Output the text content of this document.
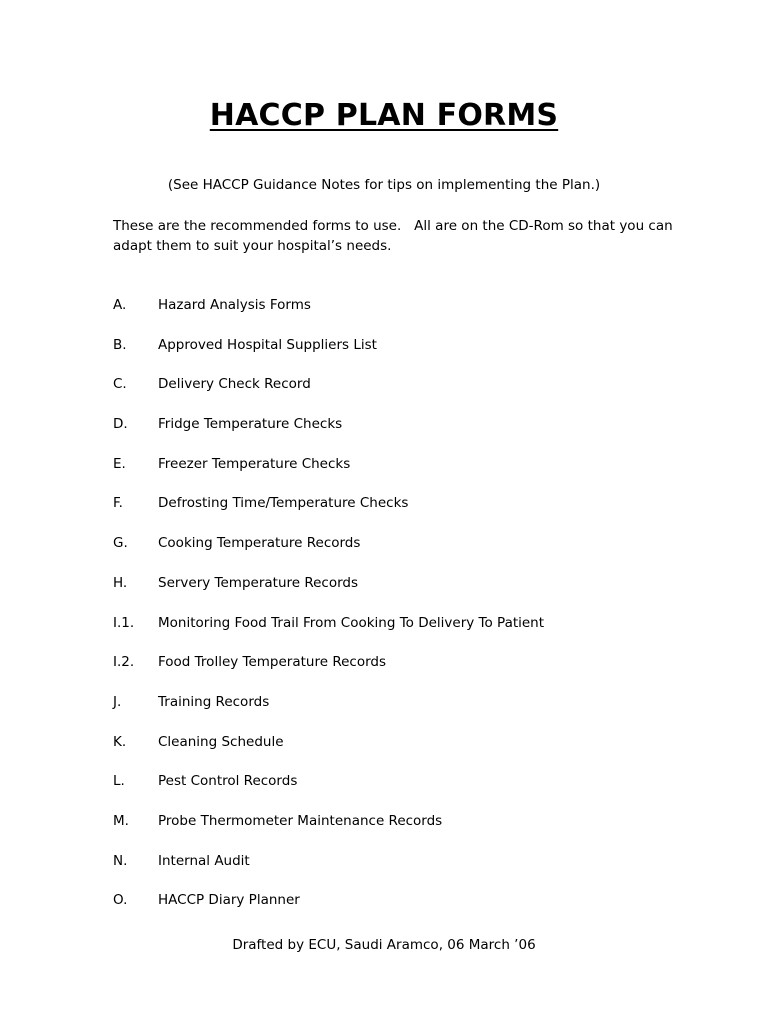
HACCP PLAN FORMS
(See HACCP Guidance Notes for tips on implementing the Plan.)
These are the recommended forms to use.   All are on the CD-Rom so that you can
adapt them to suit your hospital’s needs.
A.	Hazard Analysis Forms
B.	Approved Hospital Suppliers List
C.	Delivery Check Record
D.	Fridge Temperature Checks
E.	Freezer Temperature Checks
F.	Defrosting Time/Temperature Checks
G.	Cooking Temperature Records
H.	Servery Temperature Records
I.1.	Monitoring Food Trail From Cooking To Delivery To Patient
I.2.	Food Trolley Temperature Records
J.	Training Records
K.	Cleaning Schedule
L.	Pest Control Records
M.	Probe Thermometer Maintenance Records
N.	Internal Audit
O.	HACCP Diary Planner
Drafted by ECU, Saudi Aramco, 06 March ’06
